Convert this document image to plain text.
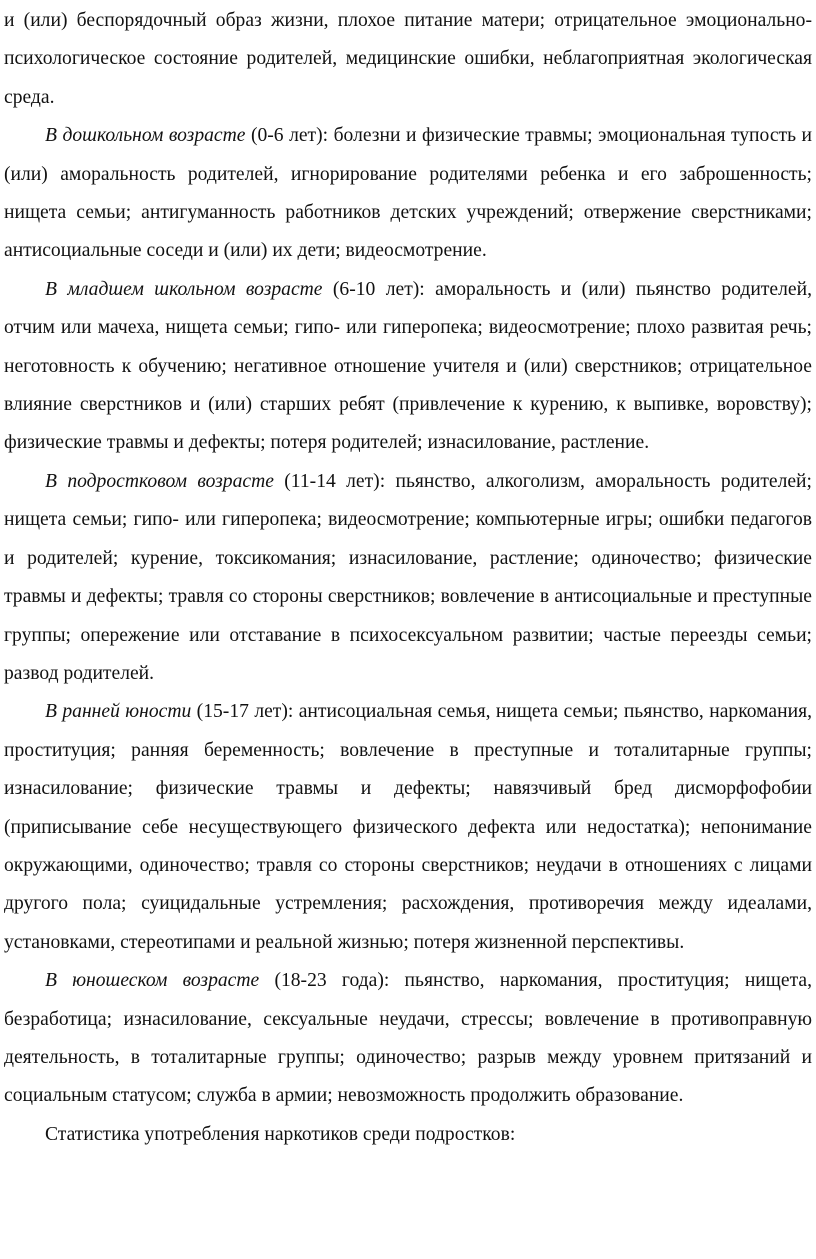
и (или) беспорядочный образ жизни, плохое питание матери; отрицательное эмоционально-психологическое состояние родителей, медицинские ошибки, неблагоприятная экологическая среда.

В дошкольном возрасте (0-6 лет): болезни и физические травмы; эмоциональная тупость и (или) аморальность родителей, игнорирование родителями ребенка и его заброшенность; нищета семьи; антигуманность работников детских учреждений; отвержение сверстниками; антисоциальные соседи и (или) их дети; видеосмотрение.

В младшем школьном возрасте (6-10 лет): аморальность и (или) пьянство родителей, отчим или мачеха, нищета семьи; гипо- или гиперопека; видеосмотрение; плохо развитая речь; неготовность к обучению; негативное отношение учителя и (или) сверстников; отрицательное влияние сверстников и (или) старших ребят (привлечение к курению, к выпивке, воровству); физические травмы и дефекты; потеря родителей; изнасилование, растление.

В подростковом возрасте (11-14 лет): пьянство, алкоголизм, аморальность родителей; нищета семьи; гипо- или гиперопека; видеосмотрение; компьютерные игры; ошибки педагогов и родителей; курение, токсикомания; изнасилование, растление; одиночество; физические травмы и дефекты; травля со стороны сверстников; вовлечение в антисоциальные и преступные группы; опережение или отставание в психосексуальном развитии; частые переезды семьи; развод родителей.

В ранней юности (15-17 лет): антисоциальная семья, нищета семьи; пьянство, наркомания, проституция; ранняя беременность; вовлечение в преступные и тоталитарные группы; изнасилование; физические травмы и дефекты; навязчивый бред дисморфофобии (приписывание себе несуществующего физического дефекта или недостатка); непонимание окружающими, одиночество; травля со стороны сверстников; неудачи в отношениях с лицами другого пола; суицидальные устремления; расхождения, противоречия между идеалами, установками, стереотипами и реальной жизнью; потеря жизненной перспективы.

В юношеском возрасте (18-23 года): пьянство, наркомания, проституция; нищета, безработица; изнасилование, сексуальные неудачи, стрессы; вовлечение в противоправную деятельность, в тоталитарные группы; одиночество; разрыв между уровнем притязаний и социальным статусом; служба в армии; невозможность продолжить образование.

Статистика употребления наркотиков среди подростков:
